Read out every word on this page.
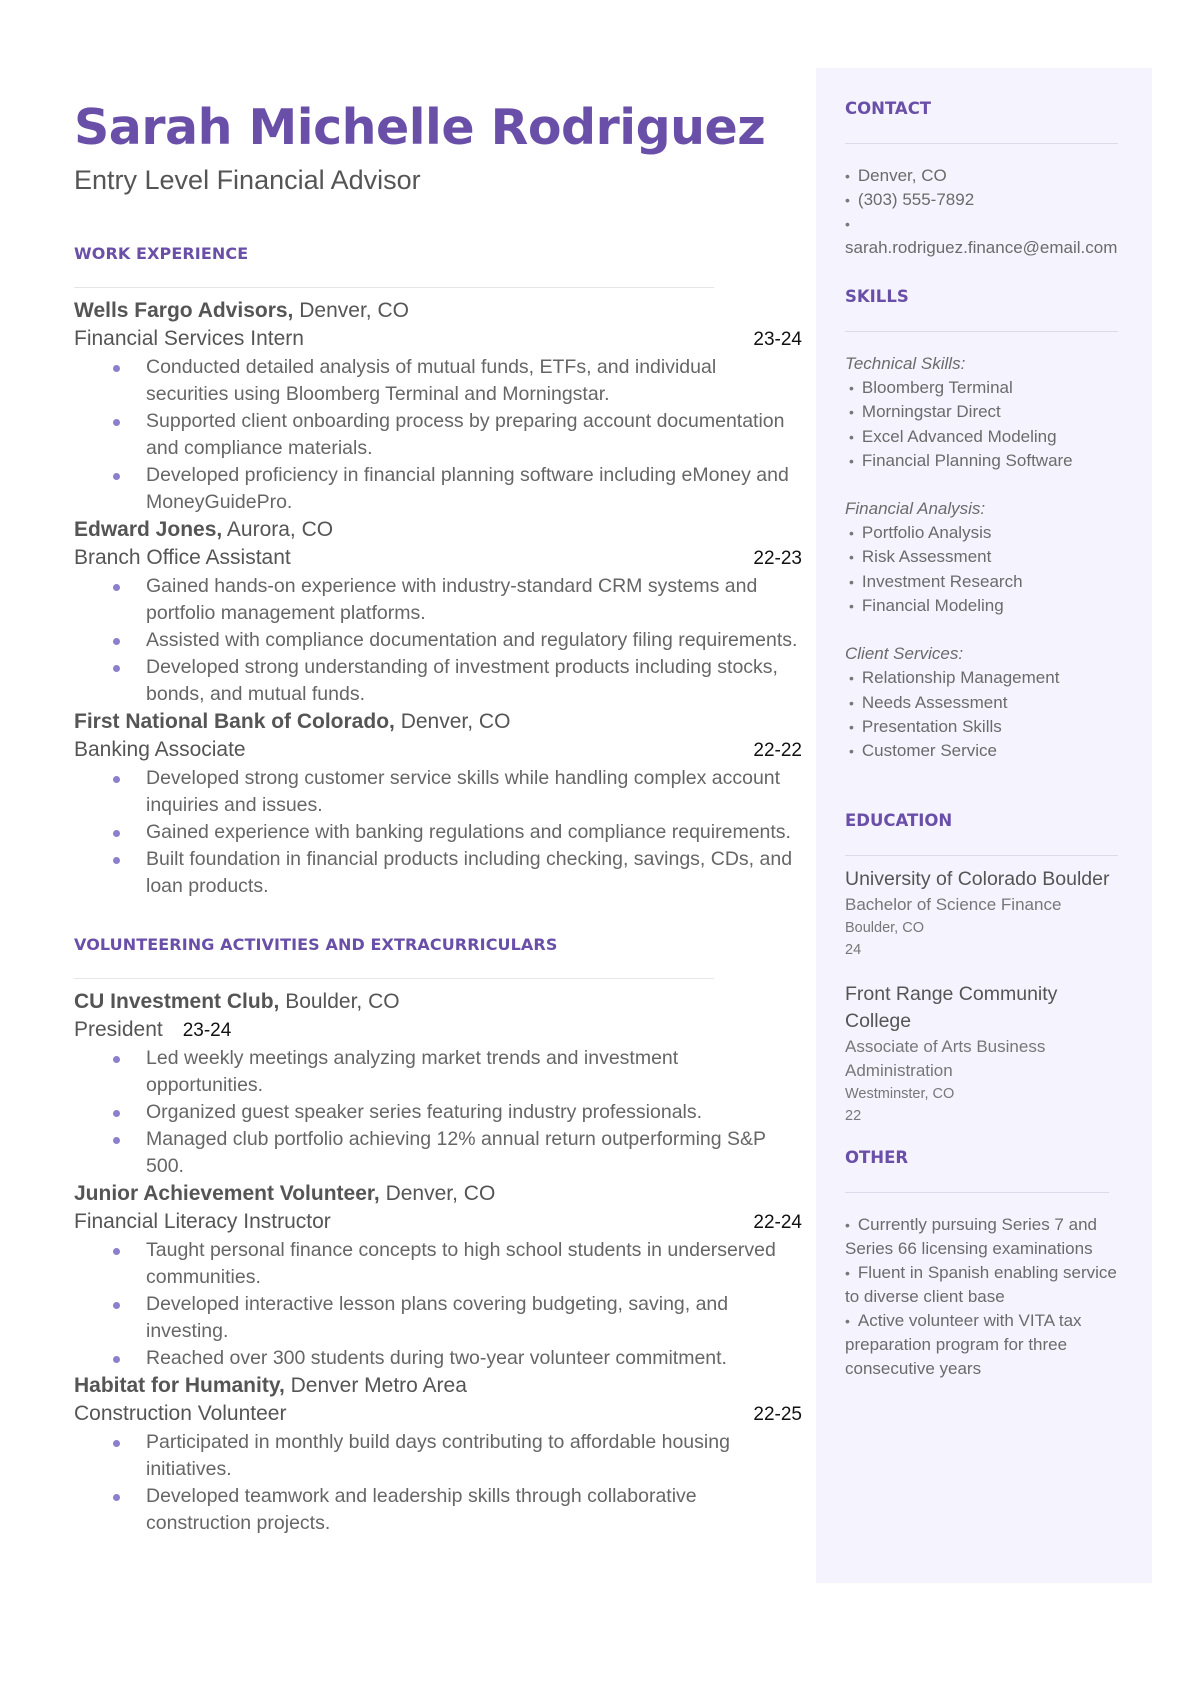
Sarah Michelle Rodriguez
Entry Level Financial Advisor
WORK EXPERIENCE
Wells Fargo Advisors, Denver, CO
Financial Services Intern	23-24
Conducted detailed analysis of mutual funds, ETFs, and individual securities using Bloomberg Terminal and Morningstar.
Supported client onboarding process by preparing account documentation and compliance materials.
Developed proficiency in financial planning software including eMoney and MoneyGuidePro.
Edward Jones, Aurora, CO
Branch Office Assistant	22-23
Gained hands-on experience with industry-standard CRM systems and portfolio management platforms.
Assisted with compliance documentation and regulatory filing requirements.
Developed strong understanding of investment products including stocks, bonds, and mutual funds.
First National Bank of Colorado, Denver, CO
Banking Associate	22-22
Developed strong customer service skills while handling complex account inquiries and issues.
Gained experience with banking regulations and compliance requirements.
Built foundation in financial products including checking, savings, CDs, and loan products.
VOLUNTEERING ACTIVITIES AND EXTRACURRICULARS
CU Investment Club, Boulder, CO
President 23-24
Led weekly meetings analyzing market trends and investment opportunities.
Organized guest speaker series featuring industry professionals.
Managed club portfolio achieving 12% annual return outperforming S&P 500.
Junior Achievement Volunteer, Denver, CO
Financial Literacy Instructor	22-24
Taught personal finance concepts to high school students in underserved communities.
Developed interactive lesson plans covering budgeting, saving, and investing.
Reached over 300 students during two-year volunteer commitment.
Habitat for Humanity, Denver Metro Area
Construction Volunteer	22-25
Participated in monthly build days contributing to affordable housing initiatives.
Developed teamwork and leadership skills through collaborative construction projects.
CONTACT
• Denver, CO
• (303) 555-7892
•
sarah.rodriguez.finance@email.com
SKILLS
Technical Skills:
• Bloomberg Terminal
• Morningstar Direct
• Excel Advanced Modeling
• Financial Planning Software
Financial Analysis:
• Portfolio Analysis
• Risk Assessment
• Investment Research
• Financial Modeling
Client Services:
• Relationship Management
• Needs Assessment
• Presentation Skills
• Customer Service
EDUCATION
University of Colorado Boulder
Bachelor of Science Finance
Boulder, CO
24
Front Range Community College
Associate of Arts Business Administration
Westminster, CO
22
OTHER
• Currently pursuing Series 7 and Series 66 licensing examinations
• Fluent in Spanish enabling service to diverse client base
• Active volunteer with VITA tax preparation program for three consecutive years
